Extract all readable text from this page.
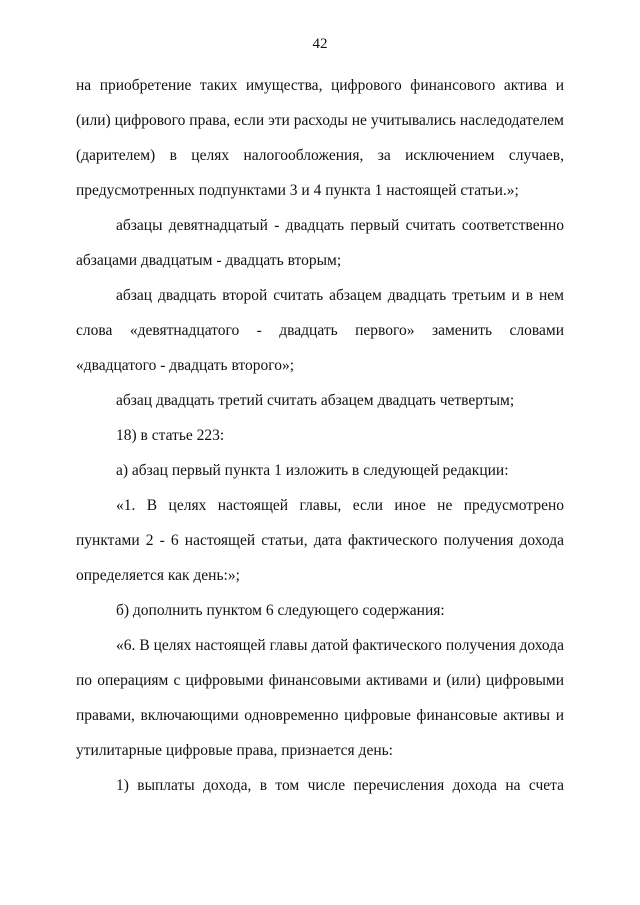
42

на приобретение таких имущества, цифрового финансового актива и (или) цифрового права, если эти расходы не учитывались наследодателем (дарителем) в целях налогообложения, за исключением случаев, предусмотренных подпунктами 3 и 4 пункта 1 настоящей статьи.»;

абзацы девятнадцатый - двадцать первый считать соответственно абзацами двадцатым - двадцать вторым;

абзац двадцать второй считать абзацем двадцать третьим и в нем слова «девятнадцатого - двадцать первого» заменить словами «двадцатого - двадцать второго»;

абзац двадцать третий считать абзацем двадцать четвертым;

18) в статье 223:

а) абзац первый пункта 1 изложить в следующей редакции:

«1. В целях настоящей главы, если иное не предусмотрено пунктами 2 - 6 настоящей статьи, дата фактического получения дохода определяется как день:»;

б) дополнить пунктом 6 следующего содержания:

«6. В целях настоящей главы датой фактического получения дохода по операциям с цифровыми финансовыми активами и (или) цифровыми правами, включающими одновременно цифровые финансовые активы и утилитарные цифровые права, признается день:

1) выплаты дохода, в том числе перечисления дохода на счета
